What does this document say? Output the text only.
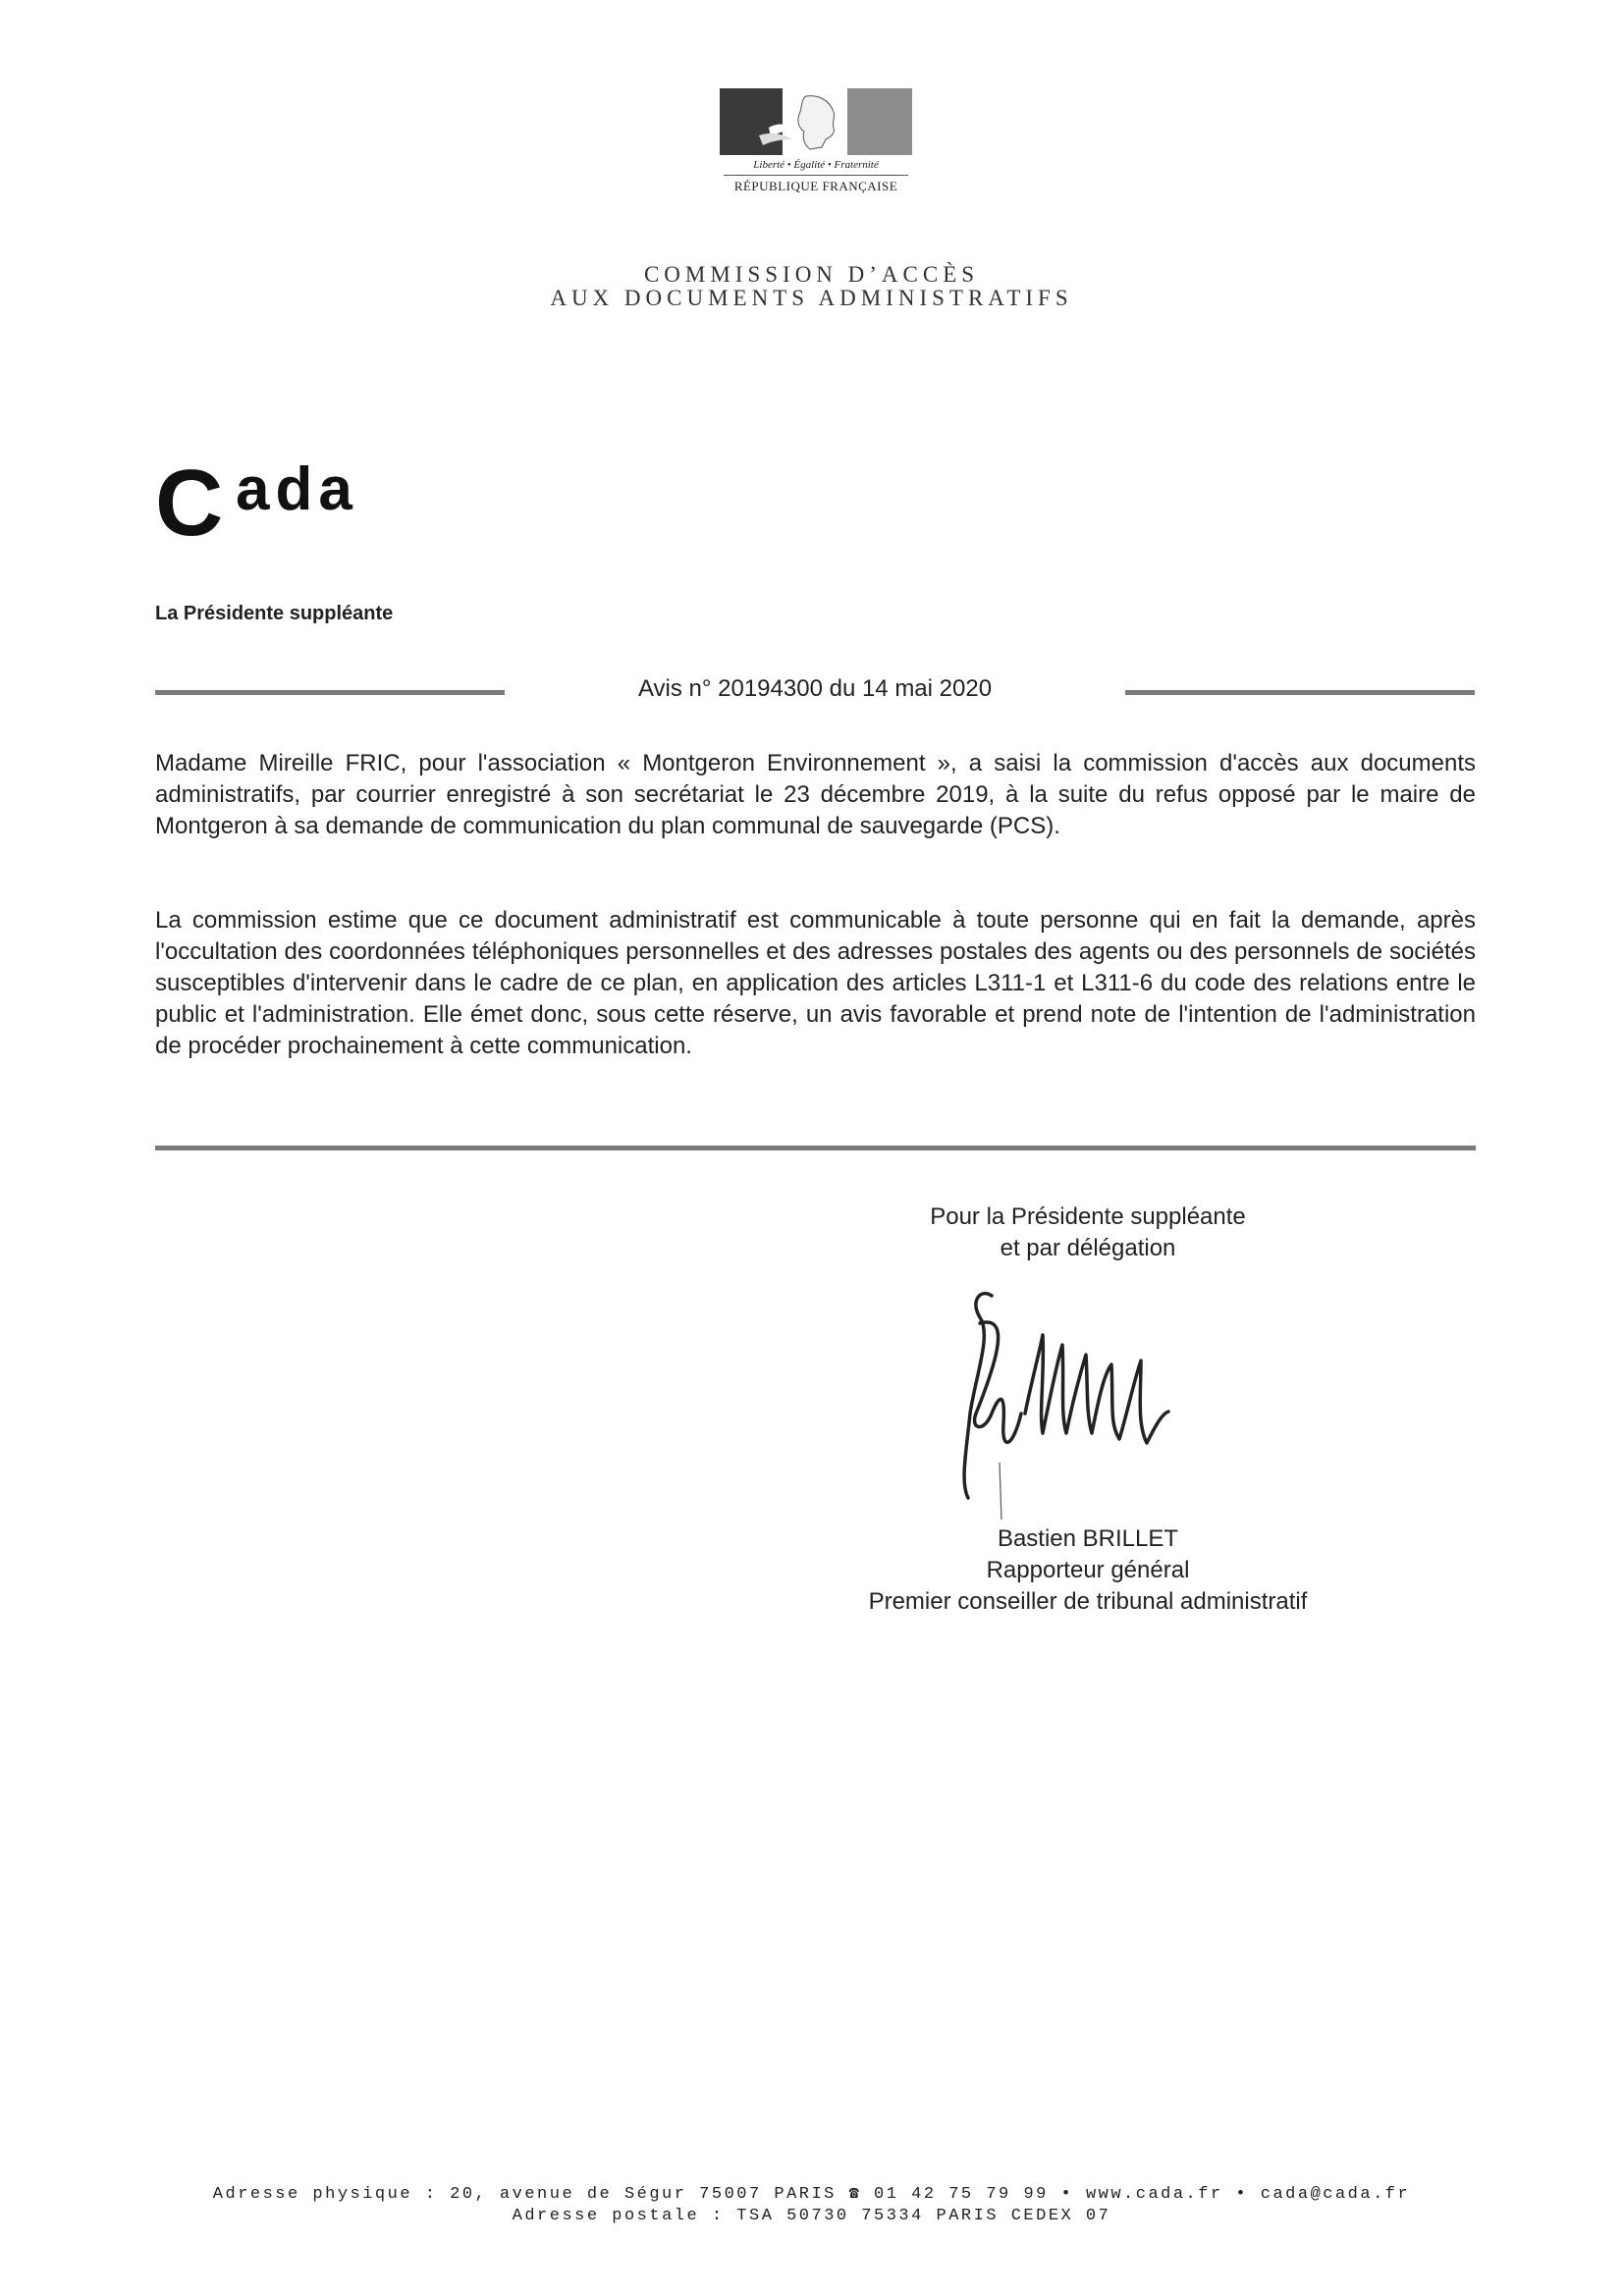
Liberté • Égalité • Fraternité
RÉPUBLIQUE FRANÇAISE
COMMISSION D’ACCÈS
AUX DOCUMENTS ADMINISTRATIFS
C ada
La Présidente suppléante
Avis n° 20194300 du 14 mai 2020

Madame Mireille FRIC, pour l'association « Montgeron Environnement », a saisi la commission d'accès aux documents administratifs, par courrier enregistré à son secrétariat le 23 décembre 2019, à la suite du refus opposé par le maire de Montgeron à sa demande de communication du plan communal de sauvegarde (PCS).

La commission estime que ce document administratif est communicable à toute personne qui en fait la demande, après l'occultation des coordonnées téléphoniques personnelles et des adresses postales des agents ou des personnels de sociétés susceptibles d'intervenir dans le cadre de ce plan, en application des articles L311-1 et L311-6 du code des relations entre le public et l'administration. Elle émet donc, sous cette réserve, un avis favorable et prend note de l'intention de l'administration de procéder prochainement à cette communication.

Pour la Présidente suppléante
et par délégation
Bastien BRILLET
Rapporteur général
Premier conseiller de tribunal administratif
Adresse physique : 20, avenue de Ségur 75007 PARIS ☎ 01 42 75 79 99 • www.cada.fr • cada@cada.fr
Adresse postale : TSA 50730 75334 PARIS CEDEX 07
